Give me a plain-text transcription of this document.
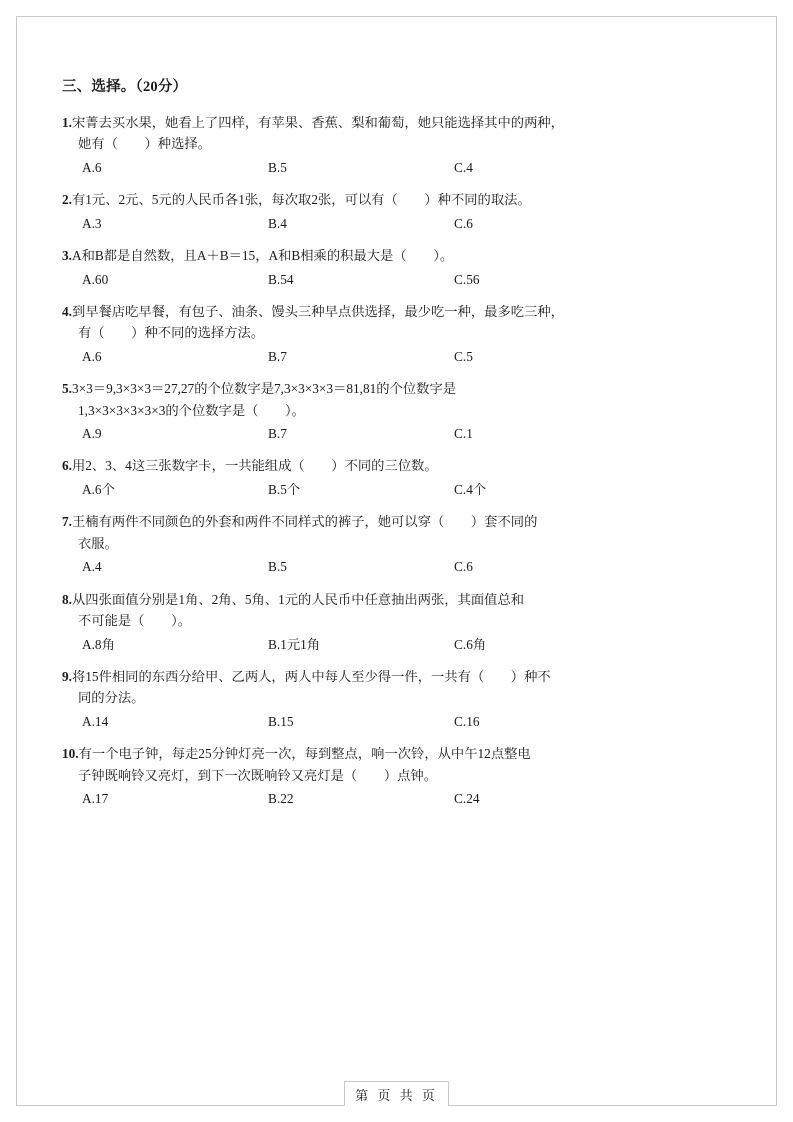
三、选择。（20分）
1.宋菁去买水果，她看上了四样，有苹果、香蕉、梨和葡萄，她只能选择其中的两种，
她有（　　）种选择。
A.6	B.5	C.4
2.有1元、2元、5元的人民币各1张，每次取2张，可以有（　　）种不同的取法。
A.3	B.4	C.6
3.A和B都是自然数，且A＋B＝15，A和B相乘的积最大是（　　）。
A.60	B.54	C.56
4.到早餐店吃早餐，有包子、油条、馒头三种早点供选择，最少吃一种，最多吃三种，
有（　　）种不同的选择方法。
A.6	B.7	C.5
5.3×3＝9,3×3×3＝27,27的个位数字是7,3×3×3×3＝81,81的个位数字是
1,3×3×3×3×3×3的个位数字是（　　）。
A.9	B.7	C.1
6.用2、3、4这三张数字卡，一共能组成（　　）不同的三位数。
A.6个	B.5个	C.4个
7.王楠有两件不同颜色的外套和两件不同样式的裤子，她可以穿（　　）套不同的
衣服。
A.4	B.5	C.6
8.从四张面值分别是1角、2角、5角、1元的人民币中任意抽出两张，其面值总和
不可能是（　　）。
A.8角	B.1元1角	C.6角
9.将15件相同的东西分给甲、乙两人，两人中每人至少得一件，一共有（　　）种不
同的分法。
A.14	B.15	C.16
10.有一个电子钟，每走25分钟灯亮一次，每到整点，响一次铃，从中午12点整电
子钟既响铃又亮灯，到下一次既响铃又亮灯是（　　）点钟。
A.17	B.22	C.24
第 页 共 页
